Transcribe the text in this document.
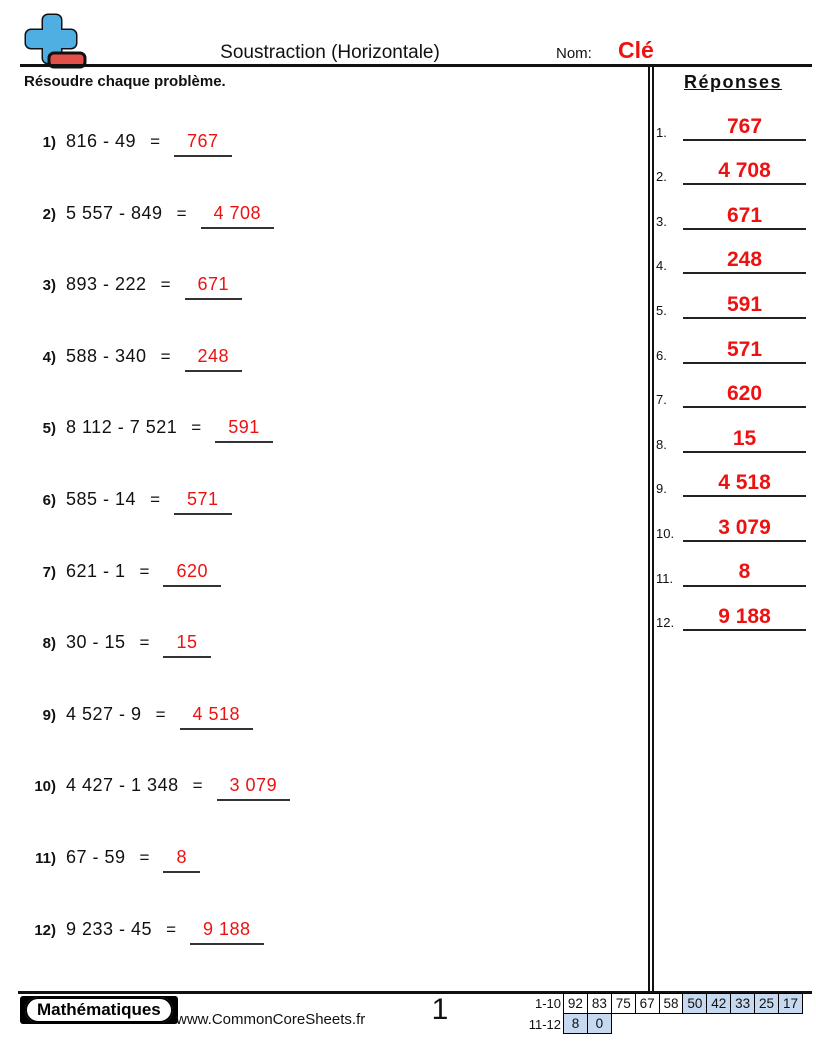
Soustraction (Horizontale)	Nom: Clé
Résoudre chaque problème.
1) 816 - 49 =	767
2) 5 557 - 849 =	4 708
3) 893 - 222 =	671
4) 588 - 340 =	248
5) 8 112 - 7 521 =	591
6) 585 - 14 =	571
7) 621 - 1 =	620
8) 30 - 15 =	15
9) 4 527 - 9 =	4 518
10) 4 427 - 1 348 =	3 079
11) 67 - 59 =	8
12) 9 233 - 45 =	9 188
Réponses
1.	767
2.	4 708
3.	671
4.	248
5.	591
6.	571
7.	620
8.	15
9.	4 518
10.	3 079
11.	8
12.	9 188
Mathématiques
www.CommonCoreSheets.fr	1	1-10 92 83 75 67 58 50 42 33 25 17
11-12 8	0
